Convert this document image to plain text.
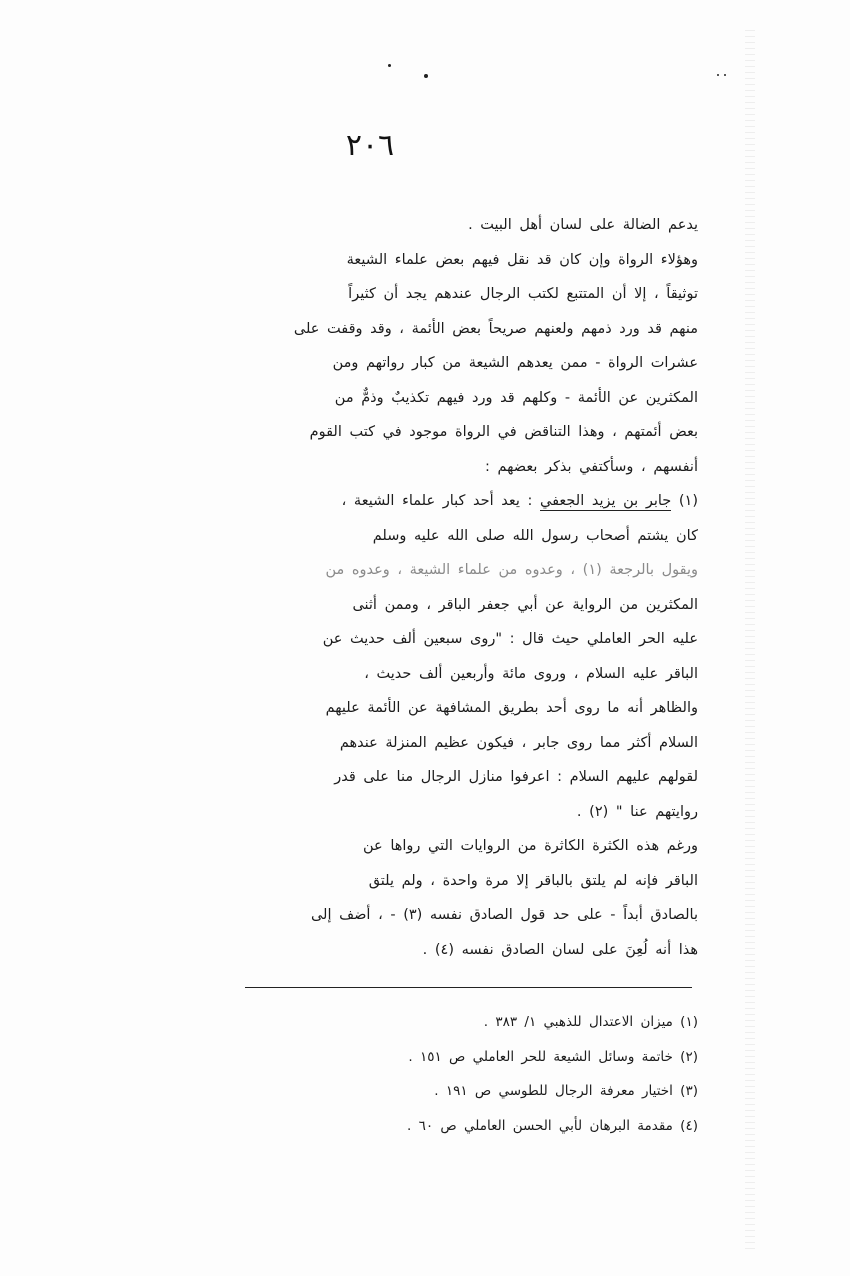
٢٠٦
يدعم الضالة على لسان أهل البيت .
وهؤلاء الرواة وإن كان قد نقل فيهم بعض علماء الشيعة
توثيقاً ، إلا أن المتتبع لكتب الرجال عندهم يجد أن كثيراً
منهم قد ورد ذمهم ولعنهم صريحاً بعض الأئمة ، وقد وقفت على
عشرات الرواة - ممن يعدهم الشيعة من كبار رواتهم ومن
المكثرين عن الأئمة - وكلهم قد ورد فيهم تكذيبٌ وذمٌّ من
بعض أئمتهم ، وهذا التناقض في الرواة موجود في كتب القوم
أنفسهم ، وسأكتفي بذكر بعضهم :
(١) جابر بن يزيد الجعفي : يعد أحد كبار علماء الشيعة ،
كان يشتم أصحاب رسول الله صلى الله عليه وسلم
ويقول بالرجعة (١) ، وعدوه من علماء الشيعة ، وعدوه من
المكثرين من الرواية عن أبي جعفر الباقر ، وممن أثنى
عليه الحر العاملي حيث قال : "روى سبعين ألف حديث عن
الباقر عليه السلام ، وروى مائة وأربعين ألف حديث ،
والظاهر أنه ما روى أحد بطريق المشافهة عن الأئمة عليهم
السلام أكثر مما روى جابر ، فيكون عظيم المنزلة عندهم
لقولهم عليهم السلام : اعرفوا منازل الرجال منا على قدر
روايتهم عنا " (٢) .
ورغم هذه الكثرة الكاثرة من الروايات التي رواها عن
الباقر فإنه لم يلتق بالباقر إلا مرة واحدة ، ولم يلتق
بالصادق أبداً - على حد قول الصادق نفسه (٣) - ، أضف إلى
هذا أنه لُعِنَ على لسان الصادق نفسه (٤) .
(١) ميزان الاعتدال للذهبي ١/ ٣٨٣ .
(٢) خاتمة وسائل الشيعة للحر العاملي ص ١٥١ .
(٣) اختيار معرفة الرجال للطوسي ص ١٩١ .
(٤) مقدمة البرهان لأبي الحسن العاملي ص ٦٠ .
